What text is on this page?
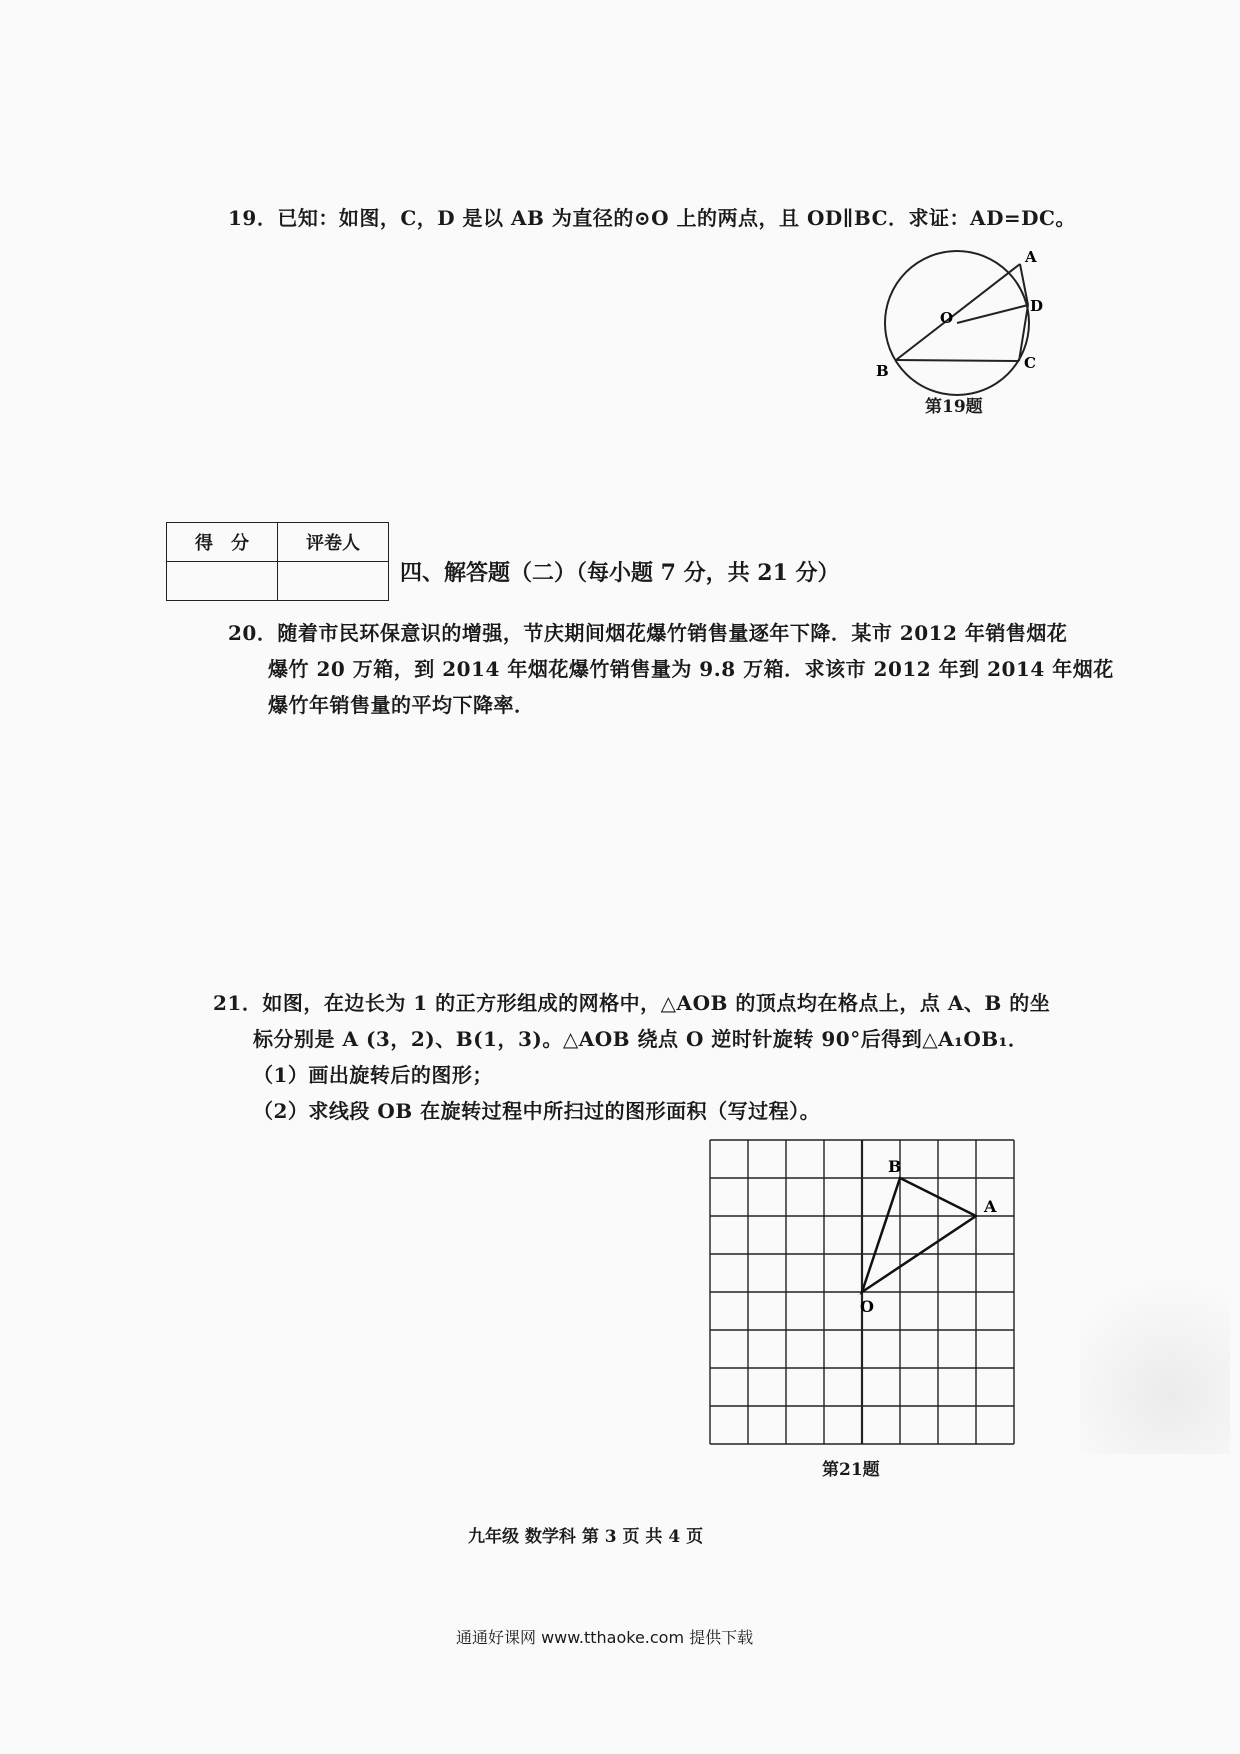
19．已知：如图，C，D 是以 AB 为直径的⊙O 上的两点，且 OD∥BC．求证：AD=DC。
A
O
D
B	C
第19题
得　分	评卷人

四、解答题（二）（每小题 7 分，共 21 分）
20．随着市民环保意识的增强，节庆期间烟花爆竹销售量逐年下降．某市 2012 年销售烟花
爆竹 20 万箱，到 2014 年烟花爆竹销售量为 9.8 万箱．求该市 2012 年到 2014 年烟花
爆竹年销售量的平均下降率．
21．如图，在边长为 1 的正方形组成的网格中，△AOB 的顶点均在格点上，点 A、B 的坐
标分别是 A (3，2)、B(1，3)。△AOB 绕点 O 逆时针旋转 90°后得到△A₁OB₁．
（1）画出旋转后的图形；
（2）求线段 OB 在旋转过程中所扫过的图形面积（写过程）。
B
A
O
第21题
九年级 数学科 第 3 页 共 4 页
通通好课网 www.tthaoke.com 提供下载
